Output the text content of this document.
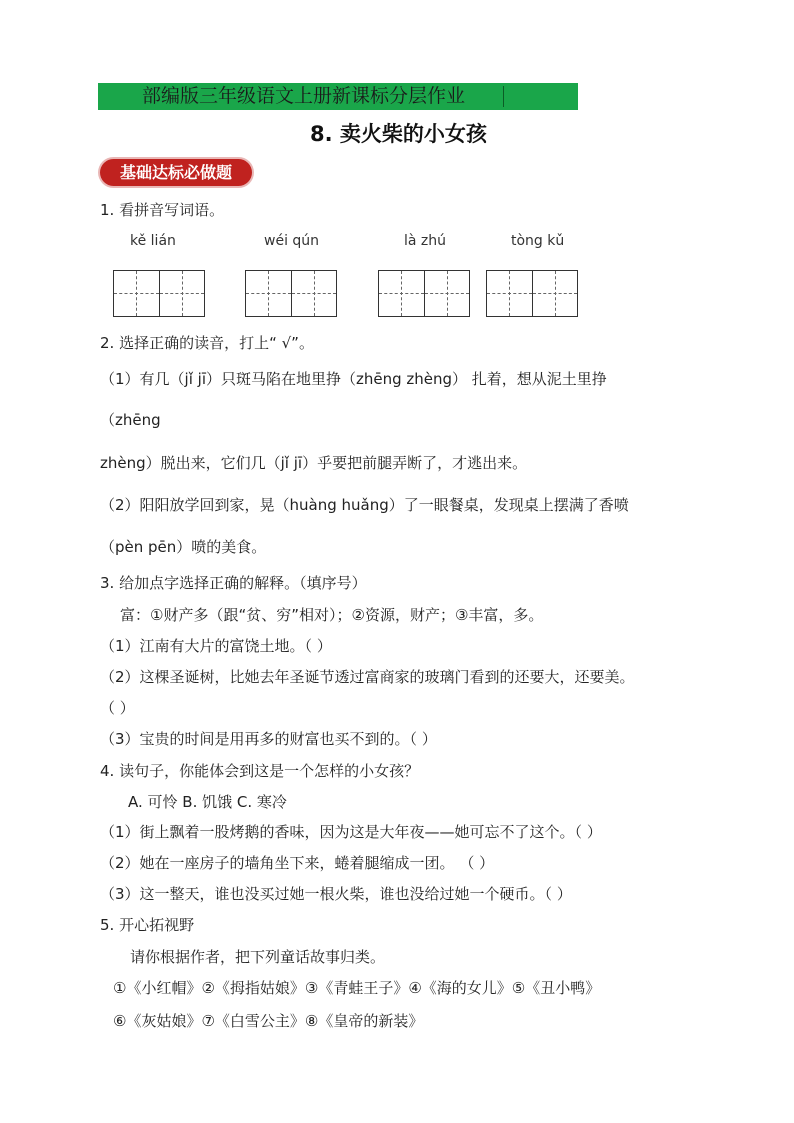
部编版三年级语文上册新课标分层作业
8. 卖火柴的小女孩
基础达标必做题
1. 看拼音写词语。
kě lián	wéi qún	là zhú	tòng kǔ
2. 选择正确的读音，打上“ √”。
（1）有几（jǐ jī）只斑马陷在地里挣（zhēng zhèng） 扎着，想从泥土里挣
（zhēng
zhèng）脱出来，它们几（jǐ jī）乎要把前腿弄断了，才逃出来。
（2）阳阳放学回到家，晃（huàng huǎng）了一眼餐桌，发现桌上摆满了香喷
（pèn pēn）喷的美食。
3. 给加点字选择正确的解释。（填序号）
富：①财产多（跟“贫、穷”相对）；②资源，财产；③丰富，多。
（1）江南有大片的富饶土地。（ ）
（2）这棵圣诞树，比她去年圣诞节透过富商家的玻璃门看到的还要大，还要美。
（ ）
（3）宝贵的时间是用再多的财富也买不到的。（ ）
4. 读句子，你能体会到这是一个怎样的小女孩？
A. 可怜 B. 饥饿 C. 寒冷
（1）街上飘着一股烤鹅的香味，因为这是大年夜——她可忘不了这个。（ ）
（2）她在一座房子的墙角坐下来，蜷着腿缩成一团。 （ ）
（3）这一整天，谁也没买过她一根火柴，谁也没给过她一个硬币。（ ）
5. 开心拓视野
请你根据作者，把下列童话故事归类。
①《小红帽》②《拇指姑娘》③《青蛙王子》④《海的女儿》⑤《丑小鸭》
⑥《灰姑娘》⑦《白雪公主》⑧《皇帝的新装》
